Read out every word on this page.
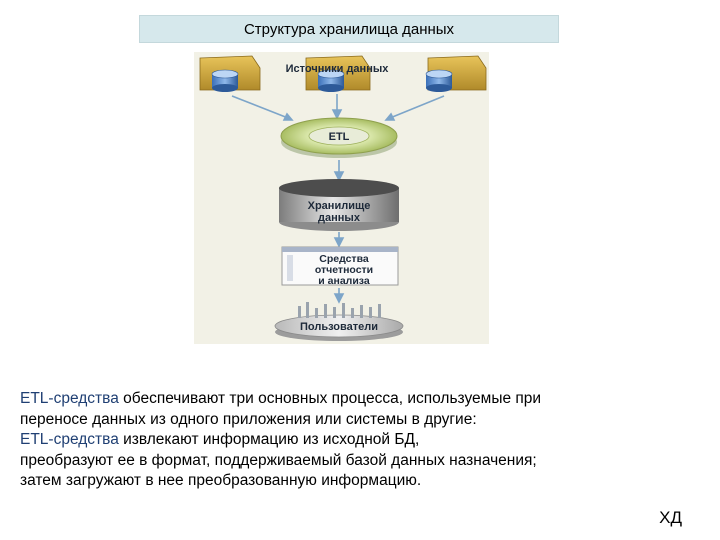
Структура хранилища данных
Источники данных
ETL
Хранилище
данных
Средства
отчетности
и анализа
Пользователи
ETL-средства обеспечивают три основных процесса, используемые при
переносе данных из одного приложения или системы в другие:
ETL-средства извлекают информацию из исходной БД,
преобразуют ее в формат, поддерживаемый базой данных назначения;
затем загружают в нее преобразованную информацию.
ХД
